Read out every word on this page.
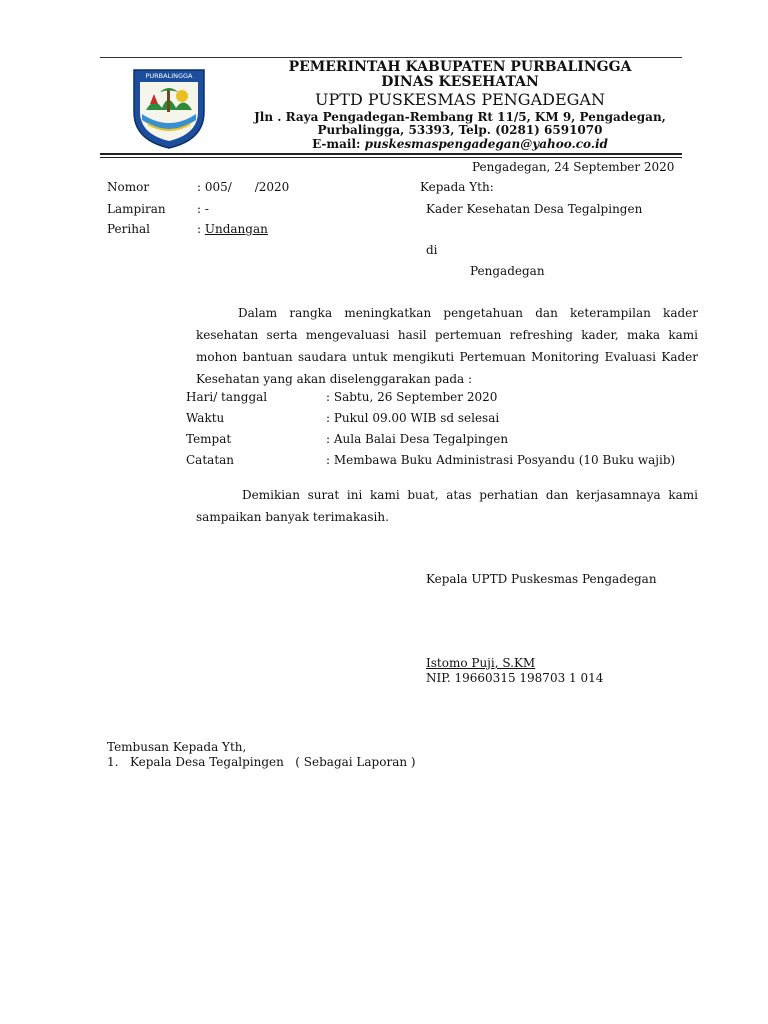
PURBALINGGA
PEMERINTAH KABUPATEN PURBALINGGA
DINAS KESEHATAN
UPTD PUSKESMAS PENGADEGAN
Jln . Raya Pengadegan-Rembang Rt 11/5, KM 9, Pengadegan,
Purbalingga, 53393, Telp. (0281) 6591070
E-mail: puskesmaspengadegan@yahoo.co.id
Pengadegan, 24 September 2020
Nomor	: 005/      /2020
Lampiran	: -
Perihal	: Undangan
Kepada Yth:
Kader Kesehatan Desa Tegalpingen
di
Pengadegan
Dalam rangka meningkatkan pengetahuan dan keterampilan kader kesehatan serta mengevaluasi hasil pertemuan refreshing kader, maka kami mohon bantuan saudara untuk mengikuti Pertemuan Monitoring Evaluasi Kader Kesehatan yang akan diselenggarakan pada :
Hari/ tanggal	: Sabtu, 26 September 2020
Waktu	: Pukul 09.00 WIB sd selesai
Tempat	: Aula Balai Desa Tegalpingen
Catatan	: Membawa Buku Administrasi Posyandu (10 Buku wajib)
Demikian surat ini kami buat, atas perhatian dan kerjasamnaya kami sampaikan banyak terimakasih.
Kepala UPTD Puskesmas Pengadegan
Istomo Puji, S.KM
NIP. 19660315 198703 1 014
Tembusan Kepada Yth,
1. Kepala Desa Tegalpingen   ( Sebagai Laporan )
